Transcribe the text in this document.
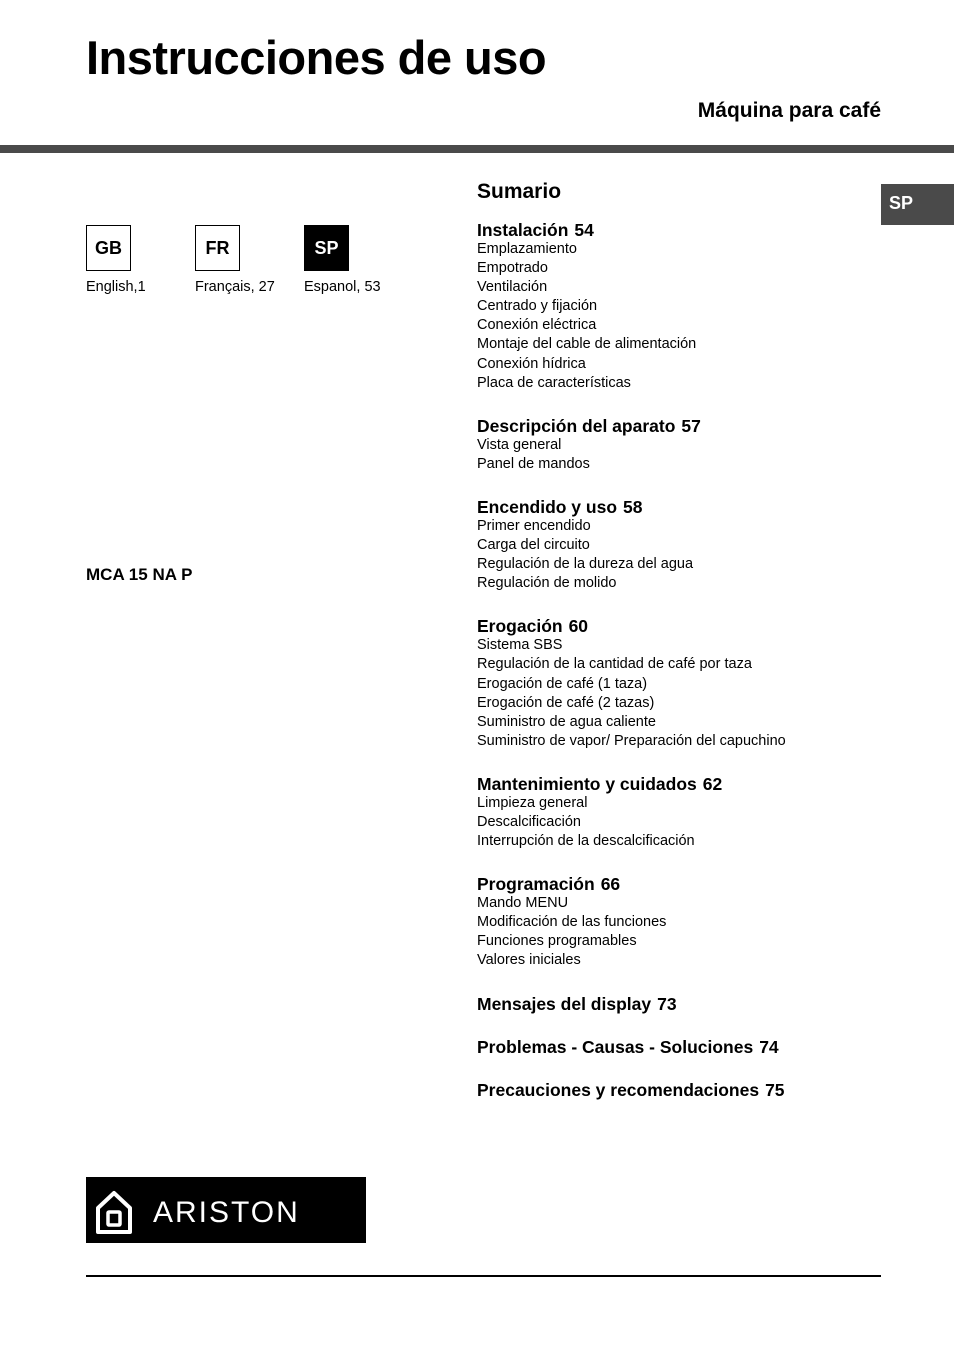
Instrucciones de uso
Máquina para café
GB	FR	SP
English,1	Français, 27 Espanol, 53
MCA 15 NA P
SP
Sumario
Instalación 54
Emplazamiento
Empotrado
Ventilación
Centrado y fijación
Conexión eléctrica
Montaje del cable de alimentación
Conexión hídrica
Placa de características
Descripción del aparato 57
Vista general
Panel de mandos
Encendido y uso 58
Primer encendido
Carga del circuito
Regulación de la dureza del agua
Regulación de molido
Erogación 60
Sistema SBS
Regulación de la cantidad de café por taza
Erogación de café (1 taza)
Erogación de café (2 tazas)
Suministro de agua caliente
Suministro de vapor/ Preparación del capuchino
Mantenimiento y cuidados 62
Limpieza general
Descalcificación
Interrupción de la descalcificación
Programación 66
Mando MENU
Modificación de las funciones
Funciones programables
Valores iniciales
Mensajes del display 73
Problemas - Causas - Soluciones 74
Precauciones y recomendaciones 75
ARISTON
